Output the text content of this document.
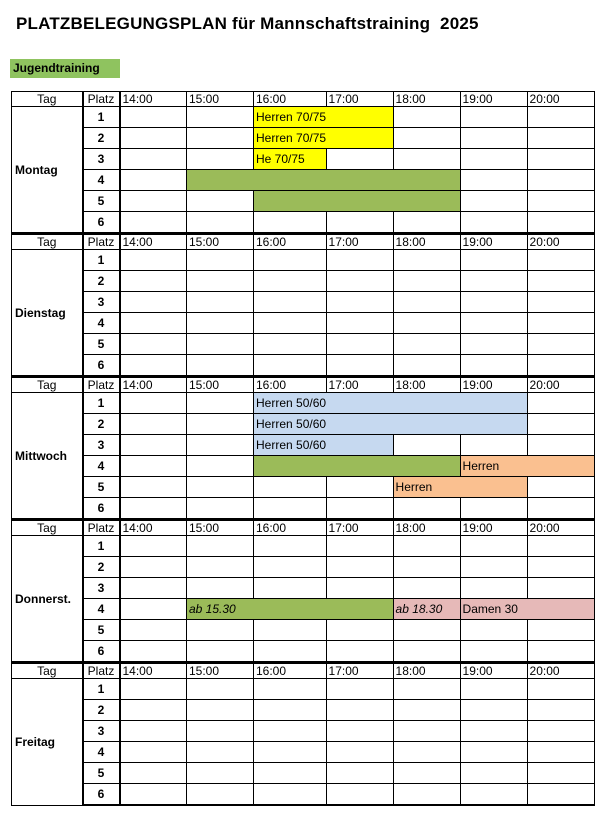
PLATZBELEGUNGSPLAN für Mannschaftstraining  2025
Jugendtraining
Tag	Platz	14:00	15:00	16:00	17:00	18:00	19:00	20:00
Montag	1			Herren 70/75				
	2			Herren 70/75				
	3			He 70/75				
	4							
	5							
	6							
Tag	Platz	14:00	15:00	16:00	17:00	18:00	19:00	20:00
Dienstag	1							
	2							
	3							
	4							
	5							
	6							
Tag	Platz	14:00	15:00	16:00	17:00	18:00	19:00	20:00
Mittwoch	1			Herren 50/60				
	2			Herren 50/60				
	3			Herren 50/60				
	4						Herren	
	5					Herren		
	6							
Tag	Platz	14:00	15:00	16:00	17:00	18:00	19:00	20:00
Donnerst.	1							
	2							
	3							
	4		ab 15.30			ab 18.30	Damen 30	
	5							
	6							
Tag	Platz	14:00	15:00	16:00	17:00	18:00	19:00	20:00
Freitag	1							
	2							
	3							
	4							
	5							
	6							
